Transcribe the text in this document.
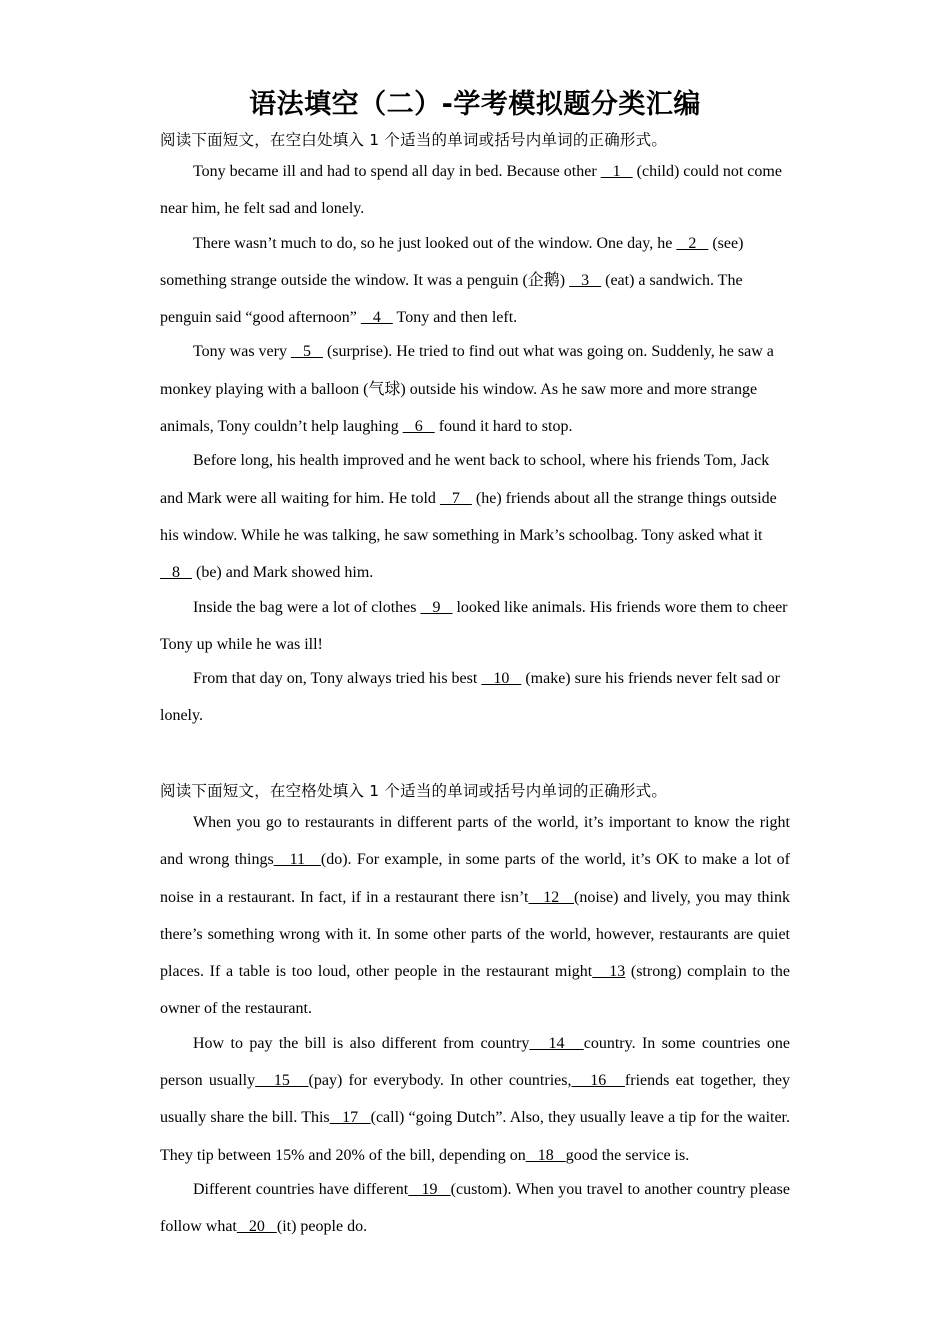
语法填空（二）-学考模拟题分类汇编
阅读下面短文，在空白处填入 1 个适当的单词或括号内单词的正确形式。

Tony became ill and had to spend all day in bed. Because other    1    (child) could not come near him, he felt sad and lonely.

There wasn’t much to do, so he just looked out of the window. One day, he    2    (see) something strange outside the window. It was a penguin (企鹅)    3    (eat) a sandwich. The penguin said “good afternoon”    4    Tony and then left.

Tony was very    5    (surprise). He tried to find out what was going on. Suddenly, he saw a monkey playing with a balloon (气球) outside his window. As he saw more and more strange animals, Tony couldn’t help laughing    6    found it hard to stop.

Before long, his health improved and he went back to school, where his friends Tom, Jack and Mark were all waiting for him. He told    7    (he) friends about all the strange things outside his window. While he was talking, he saw something in Mark’s schoolbag. Tony asked what it    8    (be) and Mark showed him.

Inside the bag were a lot of clothes    9    looked like animals. His friends wore them to cheer Tony up while he was ill!

From that day on, Tony always tried his best    10    (make) sure his friends never felt sad or lonely.

阅读下面短文，在空格处填入 1 个适当的单词或括号内单词的正确形式。

When you go to restaurants in different parts of the world, it’s important to know the right and wrong things   11   (do). For example, in some parts of the world, it’s OK to make a lot of noise in a restaurant. In fact, if in a restaurant there isn’t   12   (noise) and lively, you may think there’s something wrong with it. In some other parts of the world, however, restaurants are quiet places. If a table is too loud, other people in the restaurant might   13 (strong) complain to the owner of the restaurant.

How to pay the bill is also different from country   14   country. In some countries one person usually   15   (pay) for everybody. In other countries,   16   friends eat together, they usually share the bill. This   17   (call) “going Dutch”. Also, they usually leave a tip for the waiter. They tip between 15% and 20% of the bill, depending on   18   good the service is.

Different countries have different   19   (custom). When you travel to another country please follow what   20   (it) people do.
